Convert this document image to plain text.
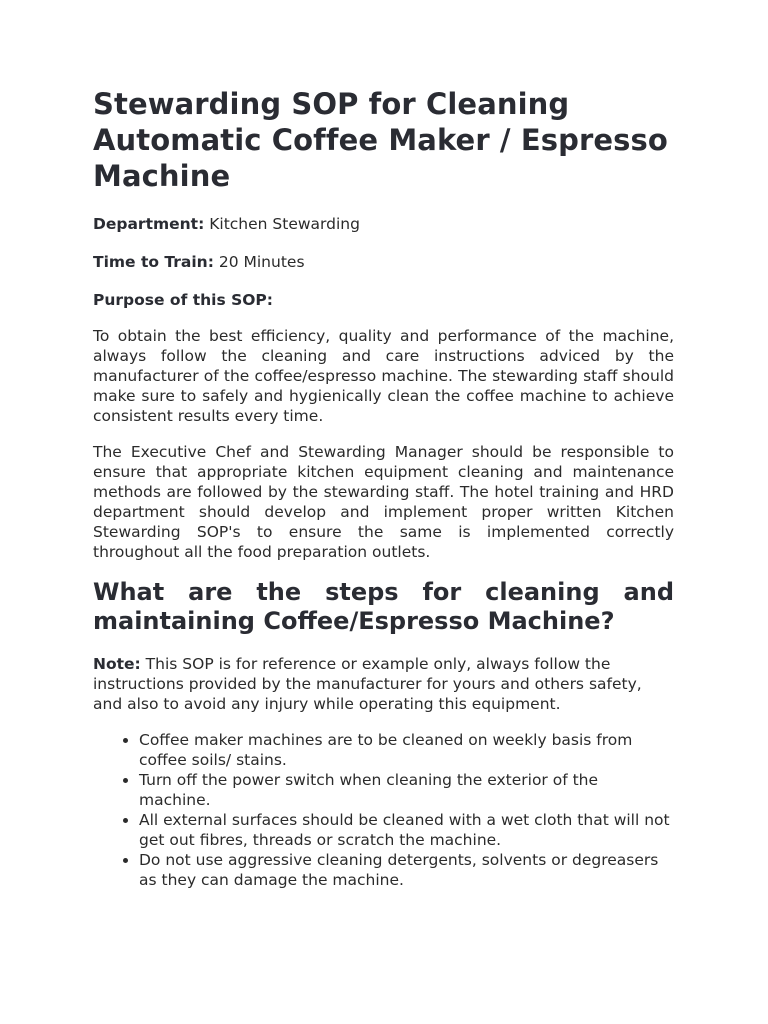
Stewarding SOP for Cleaning Automatic Coffee Maker / Espresso Machine
Department: Kitchen Stewarding
Time to Train: 20 Minutes
Purpose of this SOP:

To obtain the best efficiency, quality and performance of the machine, always follow the cleaning and care instructions adviced by the manufacturer of the coffee/espresso machine. The stewarding staff should make sure to safely and hygienically clean the coffee machine to achieve consistent results every time.

The Executive Chef and Stewarding Manager should be responsible to ensure that appropriate kitchen equipment cleaning and maintenance methods are followed by the stewarding staff. The hotel training and HRD department should develop and implement proper written Kitchen Stewarding SOP's to ensure the same is implemented correctly throughout all the food preparation outlets.

What are the steps for cleaning and maintaining Coffee/Espresso Machine?

Note: This SOP is for reference or example only, always follow the instructions provided by the manufacturer for yours and others safety, and also to avoid any injury while operating this equipment.

• Coffee maker machines are to be cleaned on weekly basis from coffee soils/ stains.
• Turn off the power switch when cleaning the exterior of the machine.
• All external surfaces should be cleaned with a wet cloth that will not get out fibres, threads or scratch the machine.
• Do not use aggressive cleaning detergents, solvents or degreasers as they can damage the machine.
